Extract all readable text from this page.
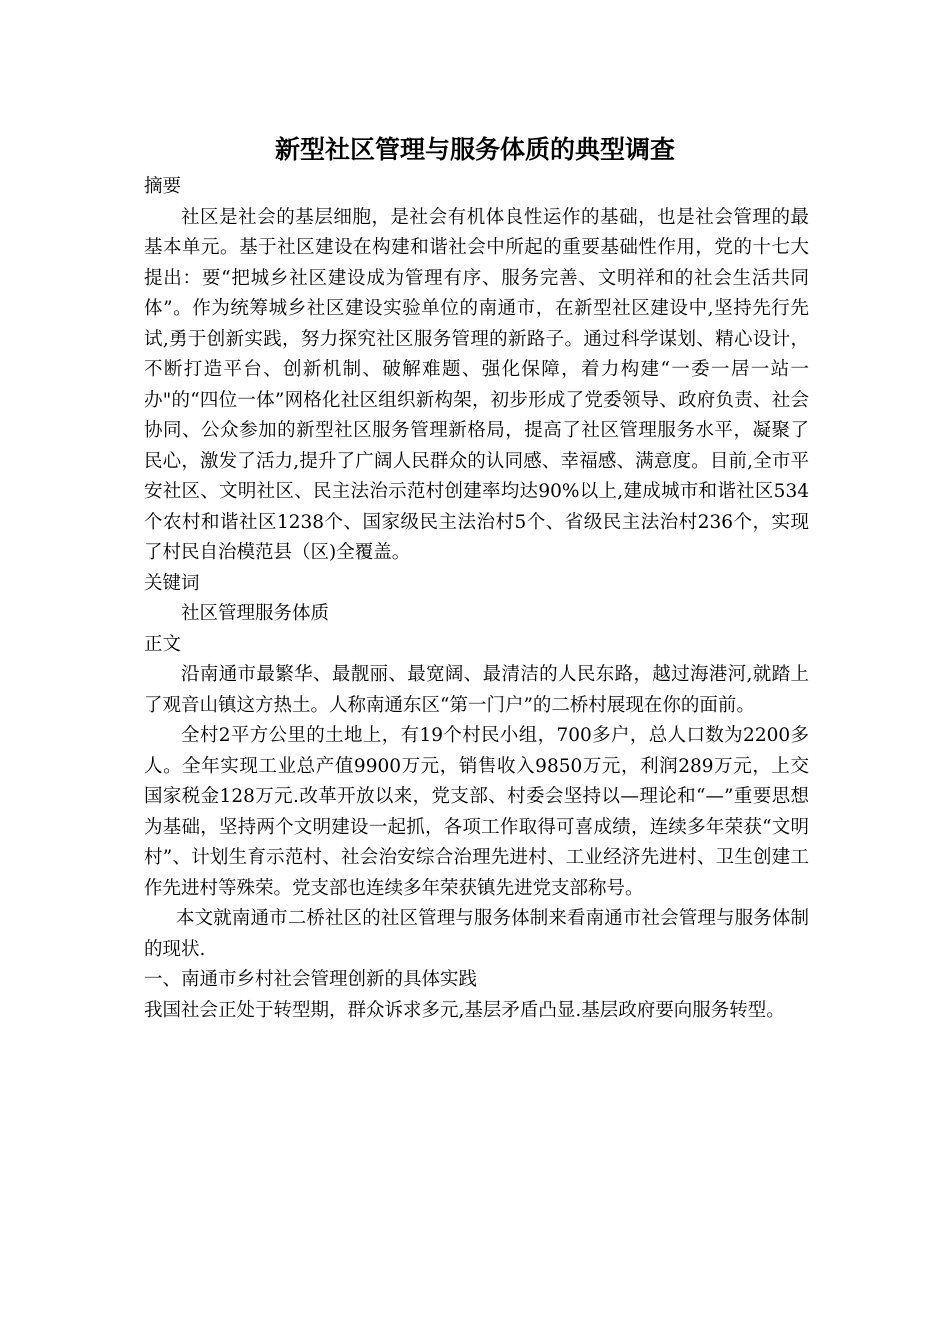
新型社区管理与服务体质的典型调查

摘要

社区是社会的基层细胞，是社会有机体良性运作的基础，也是社会管理的最基本单元。基于社区建设在构建和谐社会中所起的重要基础性作用，党的十七大提出：要“把城乡社区建设成为管理有序、服务完善、文明祥和的社会生活共同体”。作为统筹城乡社区建设实验单位的南通市，在新型社区建设中,坚持先行先试,勇于创新实践，努力探究社区服务管理的新路子。通过科学谋划、精心设计，不断打造平台、创新机制、破解难题、强化保障，着力构建“一委一居一站一办"的“四位一体”网格化社区组织新构架，初步形成了党委领导、政府负责、社会协同、公众参加的新型社区服务管理新格局，提高了社区管理服务水平，凝聚了民心，激发了活力,提升了广阔人民群众的认同感、幸福感、满意度。目前,全市平安社区、文明社区、民主法治示范村创建率均达90%以上,建成城市和谐社区534个农村和谐社区1238个、国家级民主法治村5个、省级民主法治村236个，实现了村民自治模范县（区)全覆盖。

关键词

社区管理服务体质

正文

沿南通市最繁华、最靓丽、最宽阔、最清洁的人民东路，越过海港河,就踏上了观音山镇这方热土。人称南通东区“第一门户”的二桥村展现在你的面前。

全村2平方公里的土地上，有19个村民小组，700多户，总人口数为2200多人。全年实现工业总产值9900万元，销售收入9850万元，利润289万元，上交国家税金128万元.改革开放以来，党支部、村委会坚持以—理论和“—”重要思想为基础，坚持两个文明建设一起抓，各项工作取得可喜成绩，连续多年荣获“文明村”、计划生育示范村、社会治安综合治理先进村、工业经济先进村、卫生创建工作先进村等殊荣。党支部也连续多年荣获镇先进党支部称号。

本文就南通市二桥社区的社区管理与服务体制来看南通市社会管理与服务体制的现状.

一、南通市乡村社会管理创新的具体实践

我国社会正处于转型期，群众诉求多元,基层矛盾凸显.基层政府要向服务转型。
